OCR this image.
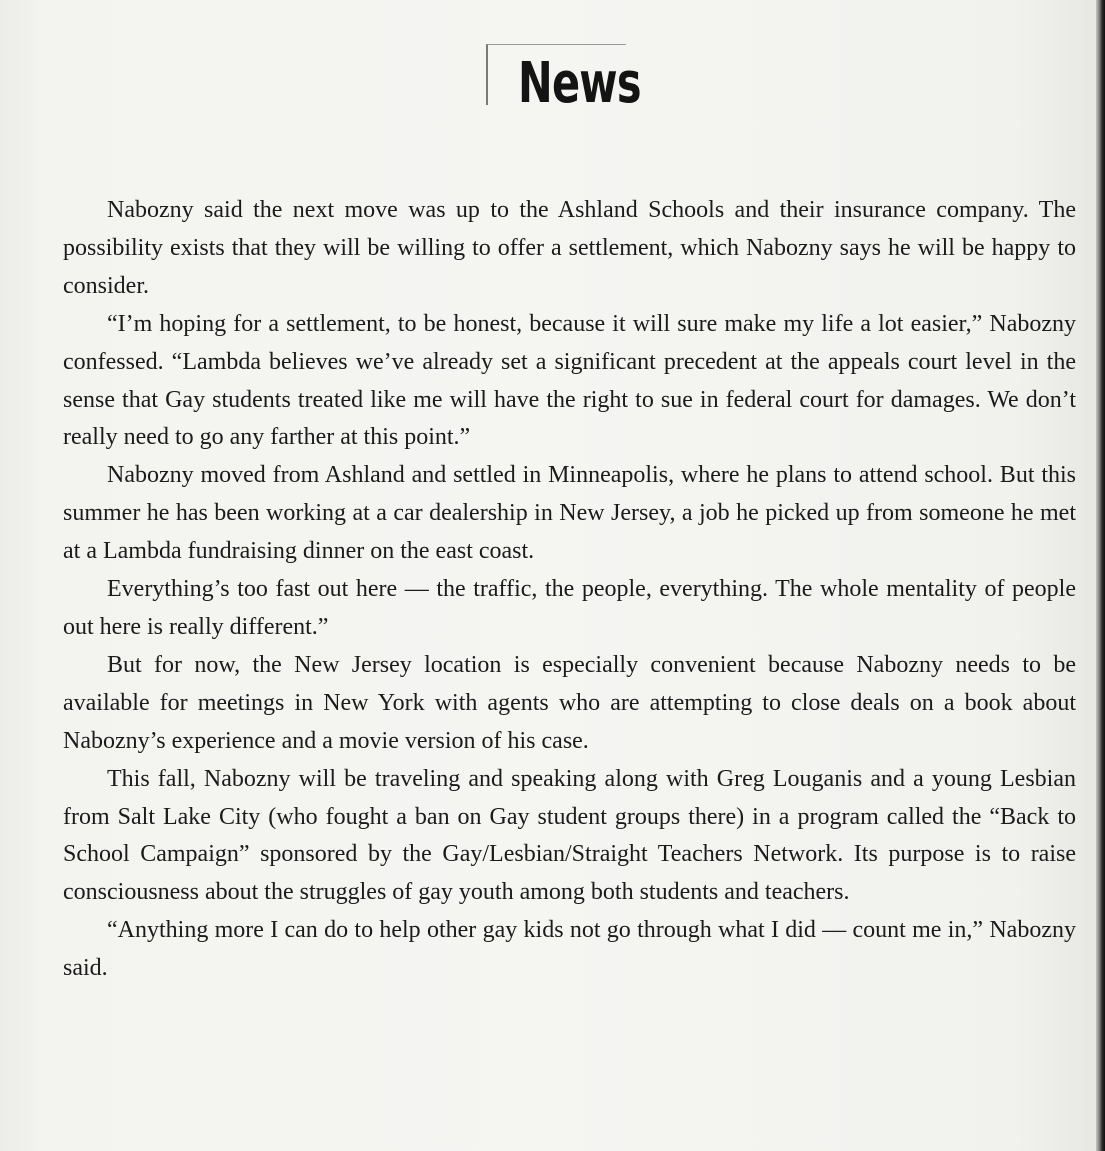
News

Nabozny said the next move was up to the Ashland Schools and their insurance company. The possibility exists that they will be willing to offer a settlement, which Nabozny says he will be happy to consider.

“I’m hoping for a settlement, to be honest, because it will sure make my life a lot easier,” Nabozny confessed. “Lambda believes we’ve already set a significant precedent at the appeals court level in the sense that Gay students treated like me will have the right to sue in federal court for damages. We don’t really need to go any farther at this point.”

Nabozny moved from Ashland and settled in Minneapolis, where he plans to attend school. But this summer he has been working at a car dealership in New Jersey, a job he picked up from someone he met at a Lambda fundraising dinner on the east coast.

Everything’s too fast out here — the traffic, the people, everything. The whole mentality of people out here is really different.”

But for now, the New Jersey location is especially convenient because Nabozny needs to be available for meetings in New York with agents who are attempting to close deals on a book about Nabozny’s experience and a movie version of his case.

This fall, Nabozny will be traveling and speaking along with Greg Louganis and a young Lesbian from Salt Lake City (who fought a ban on Gay student groups there) in a program called the “Back to School Campaign” sponsored by the Gay/Lesbian/Straight Teachers Network. Its purpose is to raise consciousness about the struggles of gay youth among both students and teachers.

“Anything more I can do to help other gay kids not go through what I did — count me in,” Nabozny said.
